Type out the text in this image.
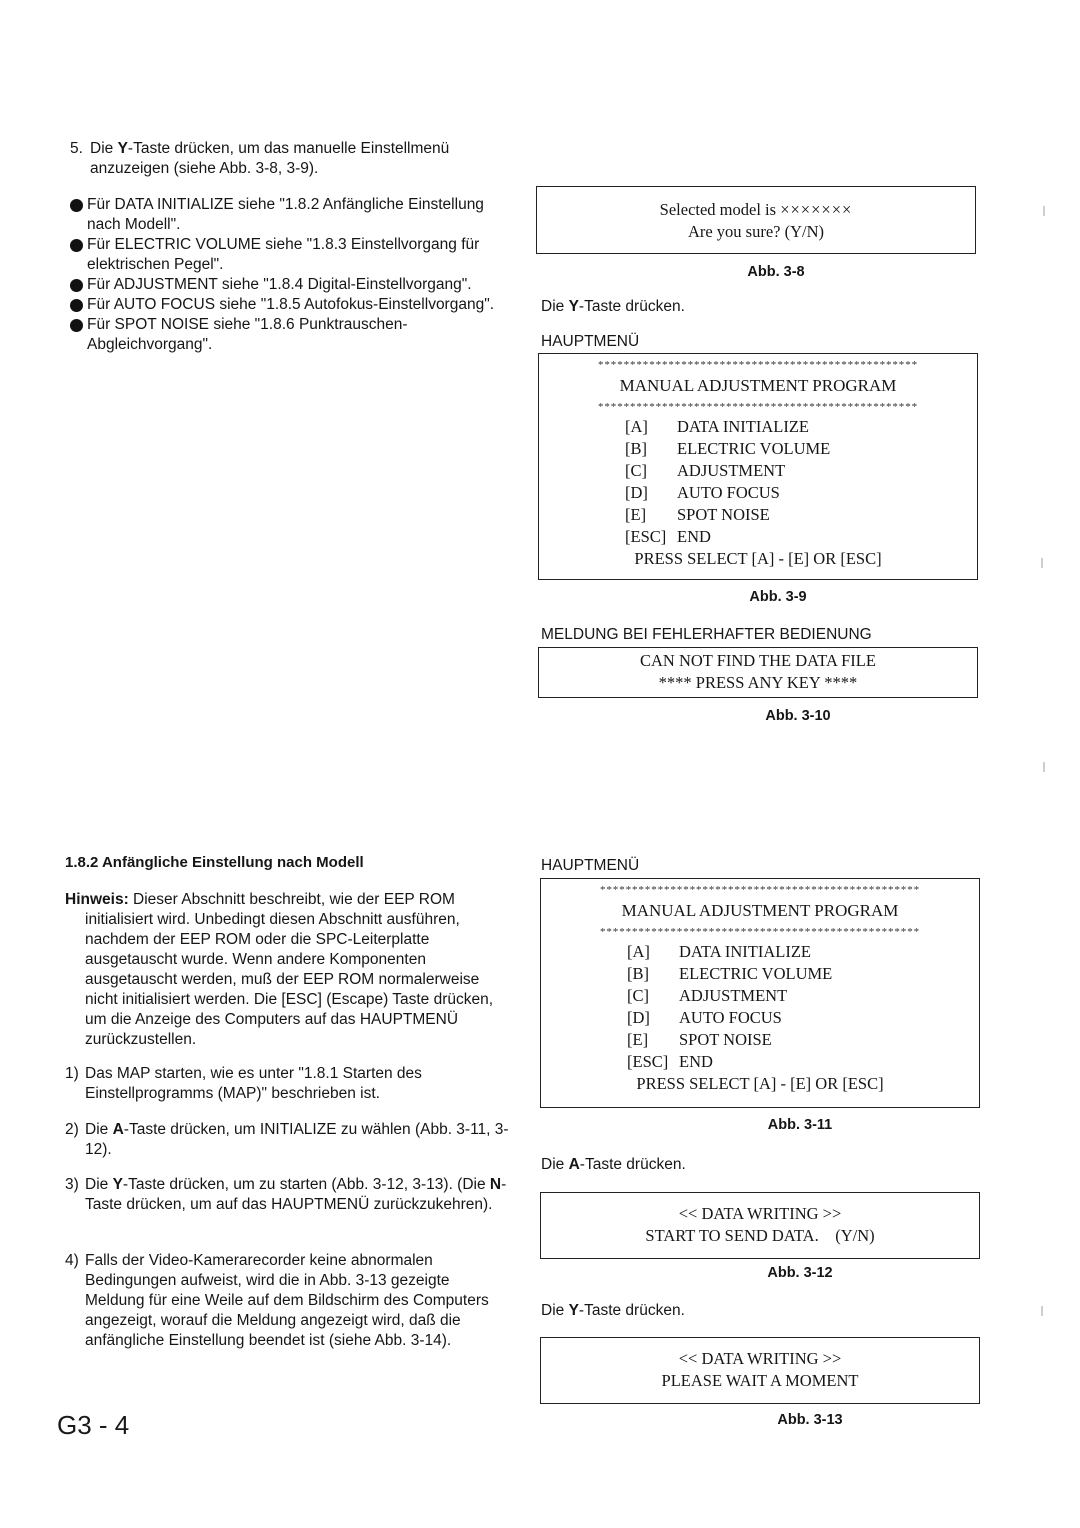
5. Die Y-Taste drücken, um das manuelle Einstellmenü anzuzeigen (siehe Abb. 3-8, 3-9).

Für DATA INITIALIZE siehe "1.8.2 Anfängliche Einstellung nach Modell".

Für ELECTRIC VOLUME siehe "1.8.3 Einstellvorgang für elektrischen Pegel".

Für ADJUSTMENT siehe "1.8.4 Digital-Einstellvorgang".

Für AUTO FOCUS siehe "1.8.5 Autofokus-Einstellvorgang".

Für SPOT NOISE siehe "1.8.6 Punktrauschen-Abgleichvorgang".

1.8.2 Anfängliche Einstellung nach Modell

Hinweis: Dieser Abschnitt beschreibt, wie der EEP ROM initialisiert wird. Unbedingt diesen Abschnitt ausführen, nachdem der EEP ROM oder die SPC-Leiterplatte ausgetauscht wurde. Wenn andere Komponenten ausgetauscht werden, muß der EEP ROM normalerweise nicht initialisiert werden. Die [ESC] (Escape) Taste drücken, um die Anzeige des Computers auf das HAUPTMENÜ zurückzustellen.

1) Das MAP starten, wie es unter "1.8.1 Starten des Einstellprogramms (MAP)" beschrieben ist.
2) Die A-Taste drücken, um INITIALIZE zu wählen (Abb. 3-11, 3-12).
3) Die Y-Taste drücken, um zu starten (Abb. 3-12, 3-13). (Die N-Taste drücken, um auf das HAUPTMENÜ zurückzukehren).
4) Falls der Video-Kamerarecorder keine abnormalen Bedingungen aufweist, wird die in Abb. 3-13 gezeigte Meldung für eine Weile auf dem Bildschirm des Computers angezeigt, worauf die Meldung angezeigt wird, daß die anfängliche Einstellung beendet ist (siehe Abb. 3-14).
G3 - 4
Selected model is ×××××××
Are you sure? (Y/N)
Abb. 3-8
Die Y-Taste drücken.
HAUPTMENÜ
**************************************************
MANUAL ADJUSTMENT PROGRAM
**************************************************
[A]	DATA INITIALIZE
[B]	ELECTRIC VOLUME
[C]	ADJUSTMENT
[D]	AUTO FOCUS
[E]	SPOT NOISE
[ESC] END
PRESS SELECT [A] - [E] OR [ESC]
Abb. 3-9
MELDUNG BEI FEHLERHAFTER BEDIENUNG
CAN NOT FIND THE DATA FILE
**** PRESS ANY KEY ****
Abb. 3-10
HAUPTMENÜ
**************************************************
MANUAL ADJUSTMENT PROGRAM
**************************************************
[A]	DATA INITIALIZE
[B]	ELECTRIC VOLUME
[C]	ADJUSTMENT
[D]	AUTO FOCUS
[E]	SPOT NOISE
[ESC] END
PRESS SELECT [A] - [E] OR [ESC]
Abb. 3-11
Die A-Taste drücken.
<< DATA WRITING >>
START TO SEND DATA.    (Y/N)
Abb. 3-12
Die Y-Taste drücken.
<< DATA WRITING >>
PLEASE WAIT A MOMENT
Abb. 3-13
